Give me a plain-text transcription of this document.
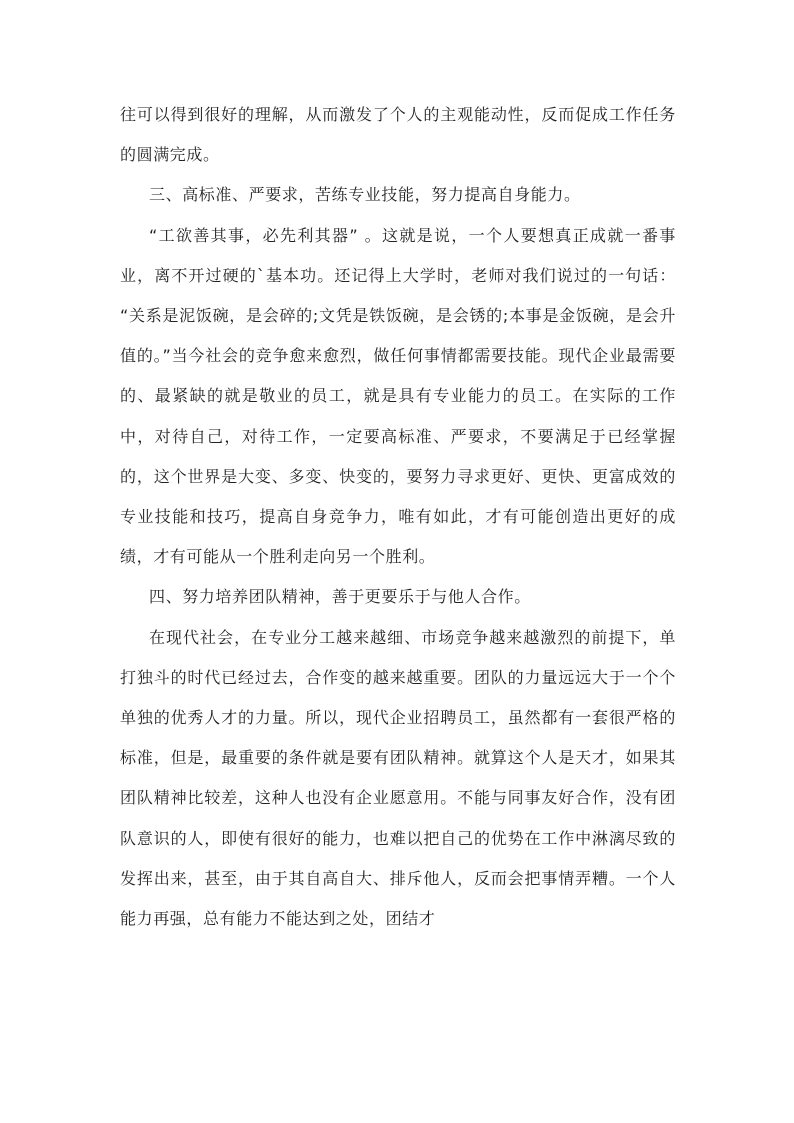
往可以得到很好的理解，从而激发了个人的主观能动性，反而促成工作任务的圆满完成。

三、高标准、严要求，苦练专业技能，努力提高自身能力。

“工欲善其事，必先利其器” 。这就是说，一个人要想真正成就一番事业，离不开过硬的`基本功。还记得上大学时，老师对我们说过的一句话： “关系是泥饭碗，是会碎的;文凭是铁饭碗，是会锈的;本事是金饭碗，是会升值的。”当今社会的竞争愈来愈烈，做任何事情都需要技能。现代企业最需要的、最紧缺的就是敬业的员工，就是具有专业能力的员工。在实际的工作中，对待自己，对待工作，一定要高标准、严要求，不要满足于已经掌握的，这个世界是大变、多变、快变的，要努力寻求更好、更快、更富成效的专业技能和技巧，提高自身竞争力，唯有如此，才有可能创造出更好的成绩，才有可能从一个胜利走向另一个胜利。

四、努力培养团队精神，善于更要乐于与他人合作。

在现代社会，在专业分工越来越细、市场竞争越来越激烈的前提下，单打独斗的时代已经过去，合作变的越来越重要。团队的力量远远大于一个个单独的优秀人才的力量。所以，现代企业招聘员工，虽然都有一套很严格的标准，但是，最重要的条件就是要有团队精神。就算这个人是天才，如果其团队精神比较差，这种人也没有企业愿意用。不能与同事友好合作，没有团队意识的人，即使有很好的能力，也难以把自己的优势在工作中淋漓尽致的发挥出来，甚至，由于其自高自大、排斥他人，反而会把事情弄糟。一个人能力再强，总有能力不能达到之处，团结才
